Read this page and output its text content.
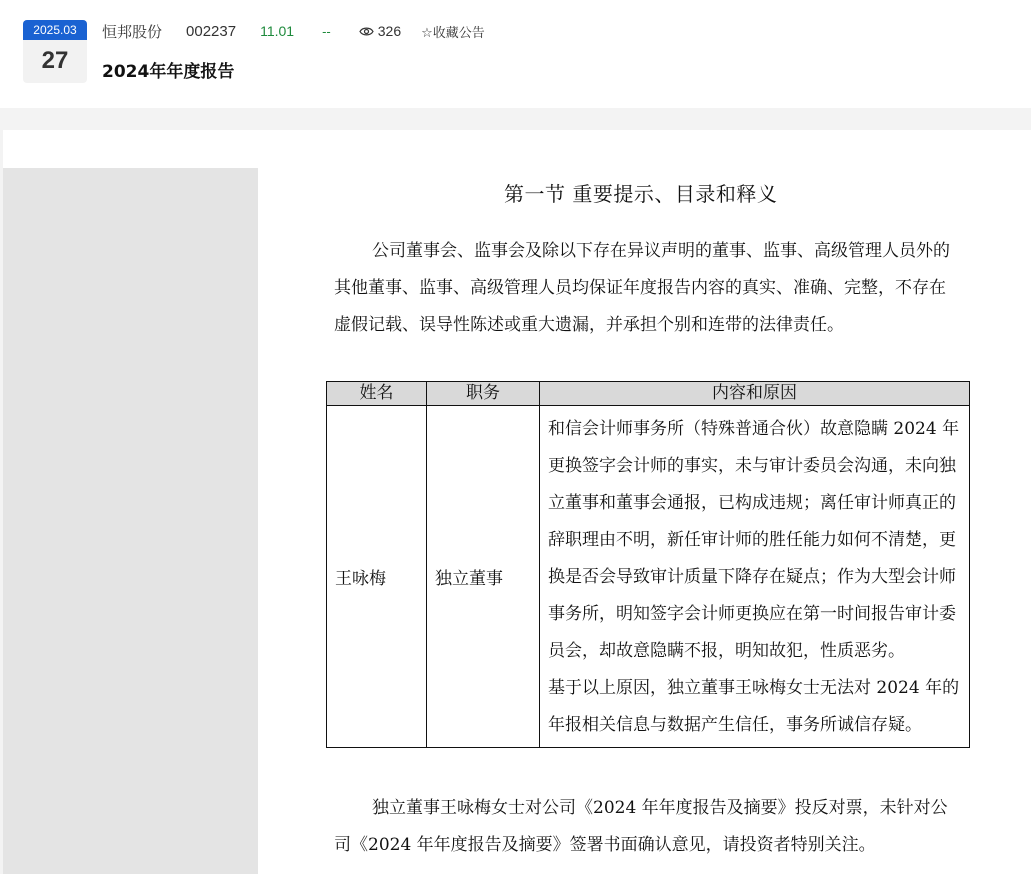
2025.03
27
恒邦股份 002237 11.01 --	326 ☆收藏公告
2024年年度报告
第一节 重要提示、目录和释义

公司董事会、监事会及除以下存在异议声明的董事、监事、高级管理人员外的其他董事、监事、高级管理人员均保证年度报告内容的真实、准确、完整，不存在虚假记载、误导性陈述或重大遗漏，并承担个别和连带的法律责任。

姓名	职务	内容和原因
王咏梅	独立董事	和信会计师事务所（特殊普通合伙）故意隐瞒 2024 年更换签字会计师的事实，未与审计委员会沟通，未向独立董事和董事会通报，已构成违规；离任审计师真正的辞职理由不明，新任审计师的胜任能力如何不清楚，更换是否会导致审计质量下降存在疑点；作为大型会计师事务所，明知签字会计师更换应在第一时间报告审计委员会，却故意隐瞒不报，明知故犯，性质恶劣。
基于以上原因，独立董事王咏梅女士无法对 2024 年的年报相关信息与数据产生信任，事务所诚信存疑。

独立董事王咏梅女士对公司《2024 年年度报告及摘要》投反对票，未针对公司《2024 年年度报告及摘要》签署书面确认意见，请投资者特别关注。
